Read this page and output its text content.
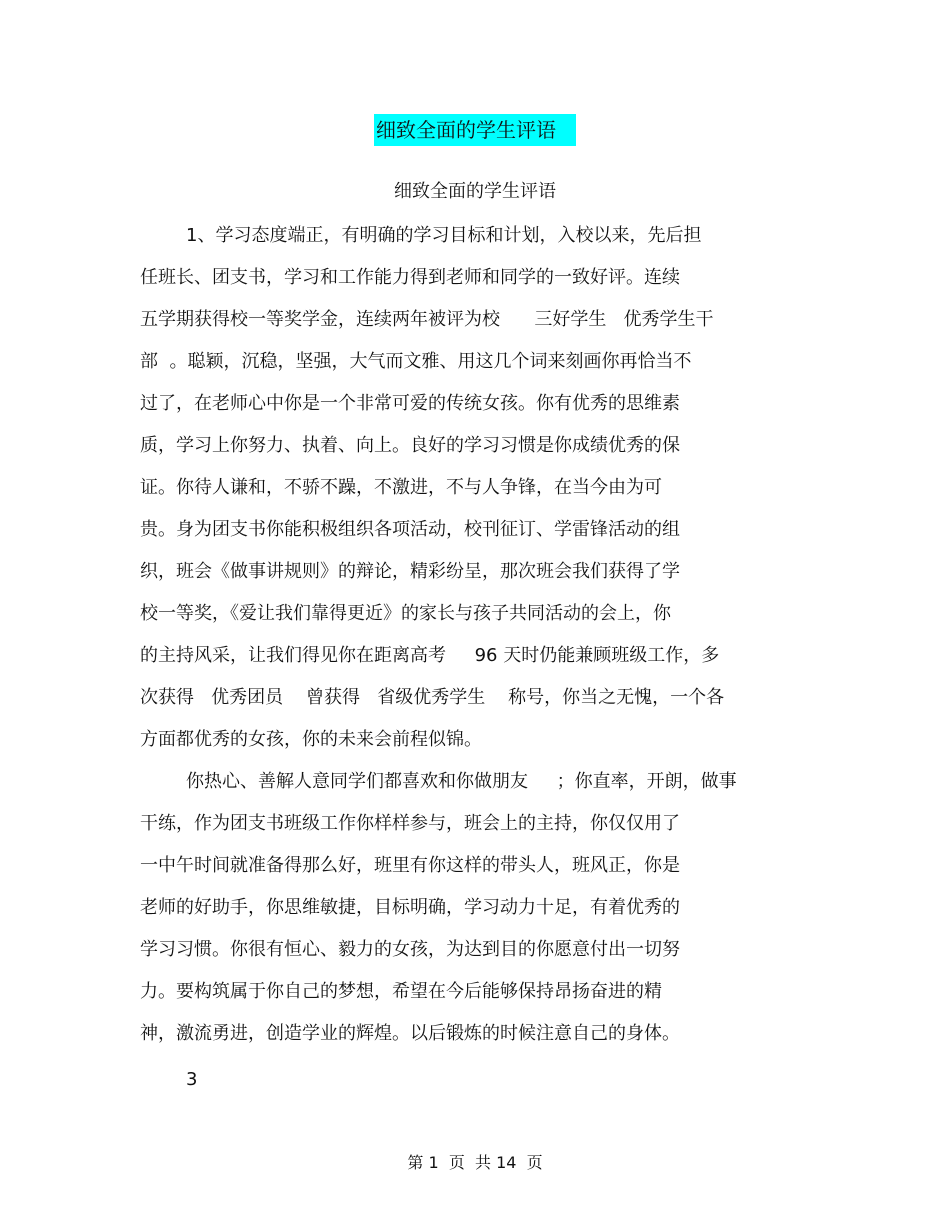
细致全面的学生评语
细致全面的学生评语
1、学习态度端正，有明确的学习目标和计划，入校以来，先后担
任班长、团支书，学习和工作能力得到老师和同学的一致好评。连续
五学期获得校一等奖学金，连续两年被评为校      三好学生   优秀学生干
部  。聪颖，沉稳，坚强，大气而文雅、用这几个词来刻画你再恰当不
过了，在老师心中你是一个非常可爱的传统女孩。你有优秀的思维素
质，学习上你努力、执着、向上。良好的学习习惯是你成绩优秀的保
证。你待人谦和，不骄不躁，不激进，不与人争锋，在当今由为可
贵。身为团支书你能积极组织各项活动，校刊征订、学雷锋活动的组
织，班会《做事讲规则》的辩论，精彩纷呈，那次班会我们获得了学
校一等奖，《爱让我们靠得更近》的家长与孩子共同活动的会上，你
的主持风采，让我们得见你在距离高考     96 天时仍能兼顾班级工作，多
次获得   优秀团员    曾获得   省级优秀学生    称号，你当之无愧，一个各
方面都优秀的女孩，你的未来会前程似锦。
你热心、善解人意同学们都喜欢和你做朋友     ；你直率，开朗，做事
干练，作为团支书班级工作你样样参与，班会上的主持，你仅仅用了
一中午时间就准备得那么好，班里有你这样的带头人，班风正，你是
老师的好助手，你思维敏捷，目标明确，学习动力十足，有着优秀的
学习习惯。你很有恒心、毅力的女孩，为达到目的你愿意付出一切努
力。要构筑属于你自己的梦想，希望在今后能够保持昂扬奋进的精
神，激流勇进，创造学业的辉煌。以后锻炼的时候注意自己的身体。
3
第 1  页  共 14  页
